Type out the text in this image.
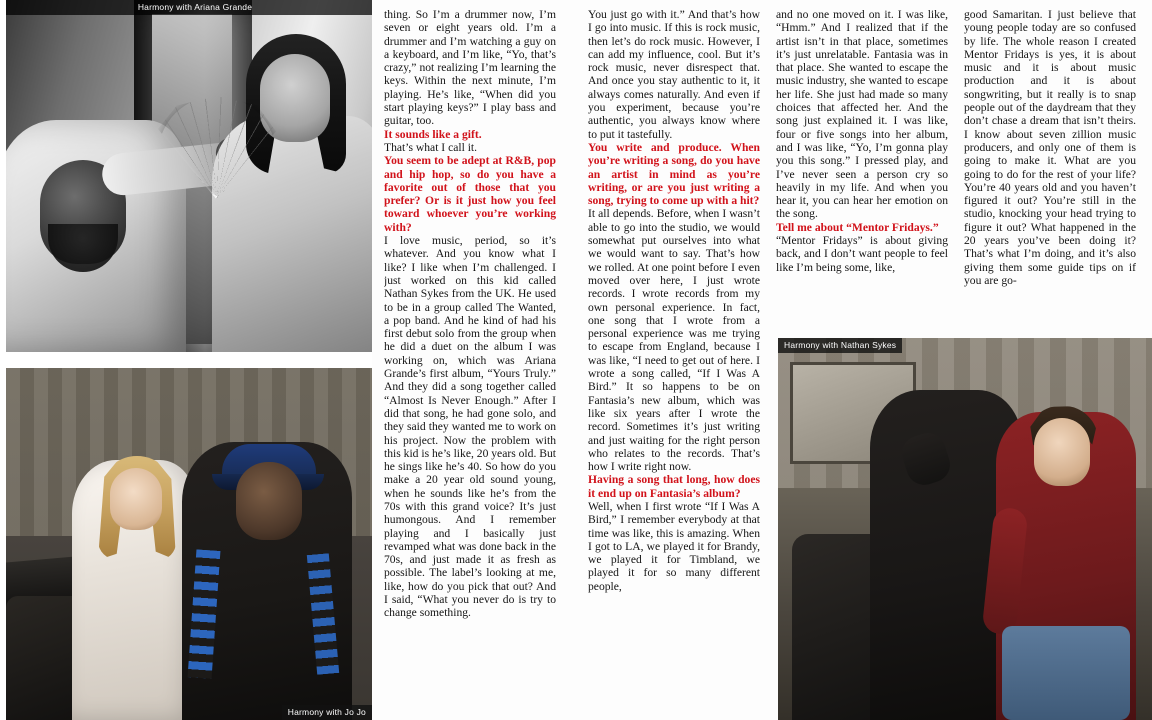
Harmony with Ariana Grande
Harmony with Jo Jo

thing. So I’m a drummer now, I’m seven or eight years old. I’m a drummer and I’m watching a guy on a keyboard, and I’m like, “Yo, that’s crazy,” not realizing I’m learning the keys. Within the next minute, I’m playing. He’s like, “When did you start playing keys?” I play bass and guitar, too.

It sounds like a gift.

That’s what I call it.

You seem to be adept at R&B, pop and hip hop, so do you have a favorite out of those that you prefer? Or is it just how you feel toward whoever you’re working with?

I love music, period, so it’s whatever. And you know what I like? I like when I’m challenged. I just worked on this kid called Nathan Sykes from the UK. He used to be in a group called The Wanted, a pop band. And he kind of had his first debut solo from the group when he did a duet on the album I was working on, which was Ariana Grande’s first album, “Yours Truly.” And they did a song together called “Almost Is Never Enough.” After I did that song, he had gone solo, and they said they wanted me to work on his project. Now the problem with this kid is he’s like, 20 years old. But he sings like he’s 40. So how do you make a 20 year old sound young, when he sounds like he’s from the 70s with this grand voice? It’s just humongous. And I remember playing and I basically just revamped what was done back in the 70s, and just made it as fresh as possible. The label’s looking at me, like, how do you pick that out? And I said, “What you never do is try to change something.

You just go with it.” And that’s how I go into music. If this is rock music, then let’s do rock music. However, I can add my influence, cool. But it’s rock music, never disrespect that. And once you stay authentic to it, it always comes naturally. And even if you experiment, because you’re authentic, you always know where to put it tastefully.

You write and produce. When you’re writing a song, do you have an artist in mind as you’re writing, or are you just writing a song, trying to come up with a hit?

It all depends. Before, when I wasn’t able to go into the studio, we would somewhat put ourselves into what we would want to say. That’s how we rolled. At one point before I even moved over here, I just wrote records. I wrote records from my own personal experience. In fact, one song that I wrote from a personal experience was me trying to escape from England, because I was like, “I need to get out of here. I wrote a song called, “If I Was A Bird.” It so happens to be on Fantasia’s new album, which was like six years after I wrote the record. Sometimes it’s just writing and just waiting for the right person who relates to the records. That’s how I write right now.

Having a song that long, how does it end up on Fantasia’s album?

Well, when I first wrote “If I Was A Bird,” I remember everybody at that time was like, this is amazing. When I got to LA, we played it for Brandy, we played it for Timbland, we played it for so many different people,

and no one moved on it. I was like, “Hmm.” And I realized that if the artist isn’t in that place, sometimes it’s just unrelatable. Fantasia was in that place. She wanted to escape the music industry, she wanted to escape her life. She just had made so many choices that affected her. And the song just explained it. I was like, four or five songs into her album, and I was like, “Yo, I’m gonna play you this song.” I pressed play, and I’ve never seen a person cry so heavily in my life. And when you hear it, you can hear her emotion on the song.

Tell me about “Mentor Fridays.”

“Mentor Fridays” is about giving back, and I don’t want people to feel like I’m being some, like,

good Samaritan. I just believe that young people today are so confused by life. The whole reason I created Mentor Fridays is yes, it is about music and it is about music production and it is about songwriting, but it really is to snap people out of the daydream that they don’t chase a dream that isn’t theirs. I know about seven zillion music producers, and only one of them is going to make it. What are you going to do for the rest of your life? You’re 40 years old and you haven’t figured it out? You’re still in the studio, knocking your head trying to figure it out? What happened in the 20 years you’ve been doing it? That’s what I’m doing, and it’s also giving them some guide tips on if you are go-

Harmony with Nathan Sykes
